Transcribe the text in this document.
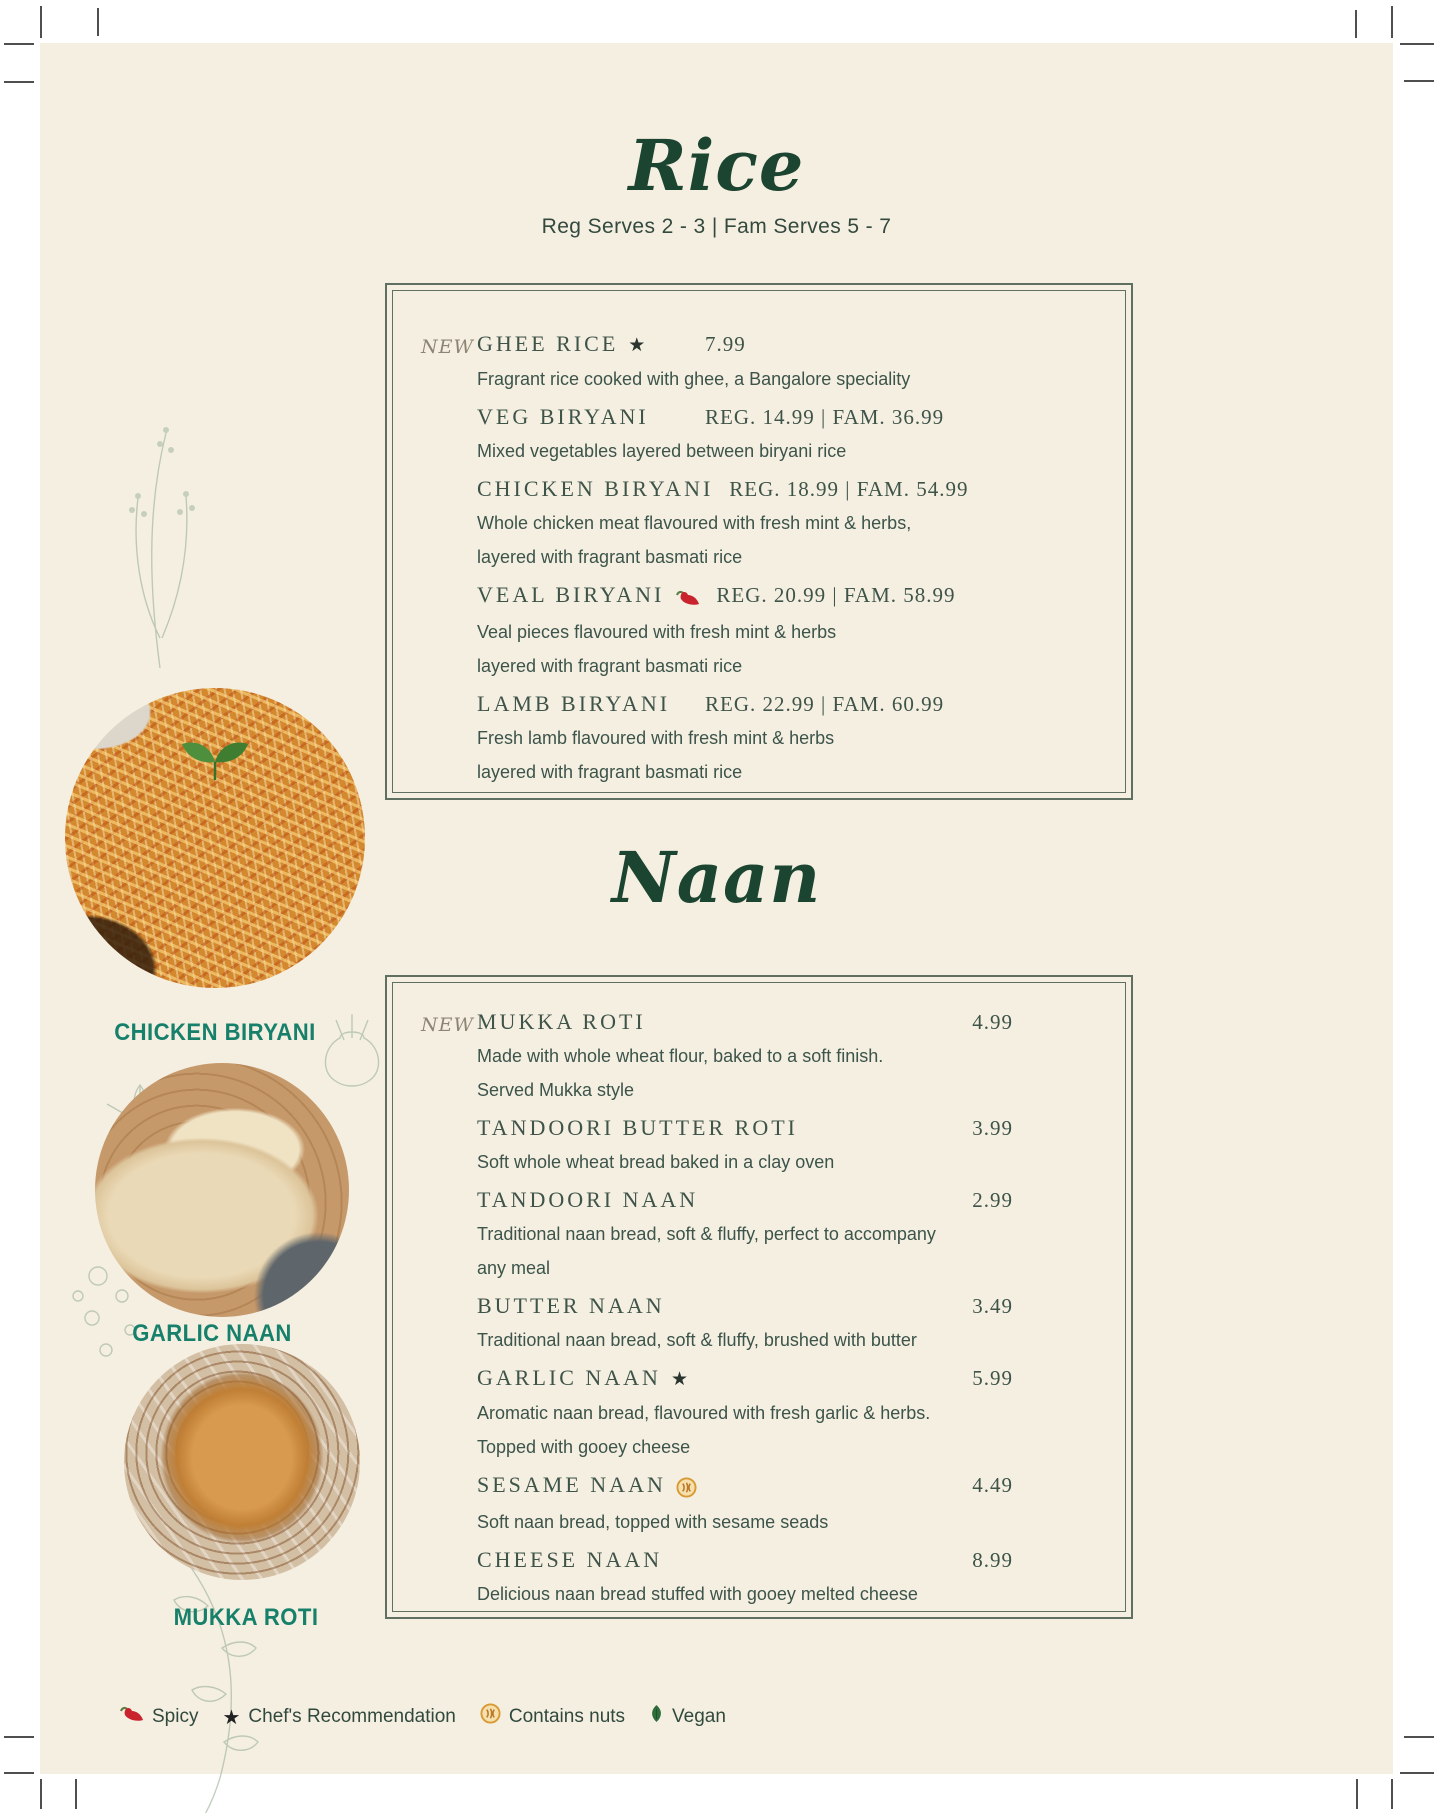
Rice
Reg Serves 2 - 3 | Fam Serves 5 - 7
NEW GHEE RICE ★	7.99
Fragrant rice cooked with ghee, a Bangalore speciality
VEG BIRYANI	REG. 14.99 | FAM. 36.99
Mixed vegetables layered between biryani rice
CHICKEN BIRYANI REG. 18.99 | FAM. 54.99
Whole chicken meat flavoured with fresh mint & herbs,
layered with fragrant basmati rice
VEAL BIRYANI REG. 20.99 | FAM. 58.99
Veal pieces flavoured with fresh mint & herbs
layered with fragrant basmati rice
LAMB BIRYANI REG. 22.99 | FAM. 60.99
Fresh lamb flavoured with fresh mint & herbs
layered with fragrant basmati rice
Naan
NEW MUKKA ROTI	4.99
Made with whole wheat flour, baked to a soft finish.
Served Mukka style
TANDOORI BUTTER ROTI	3.99
Soft whole wheat bread baked in a clay oven
TANDOORI NAAN	2.99
Traditional naan bread, soft & fluffy, perfect to accompany
any meal
BUTTER NAAN	3.49
Traditional naan bread, soft & fluffy, brushed with butter
GARLIC NAAN ★	5.99
Aromatic naan bread, flavoured with fresh garlic & herbs.
Topped with gooey cheese
SESAME NAAN	4.49
Soft naan bread, topped with sesame seads
CHEESE NAAN	8.99
Delicious naan bread stuffed with gooey melted cheese
CHICKEN BIRYANI
GARLIC NAAN
MUKKA ROTI
Spicy ★ Chef's Recommendation	Contains nuts Vegan
